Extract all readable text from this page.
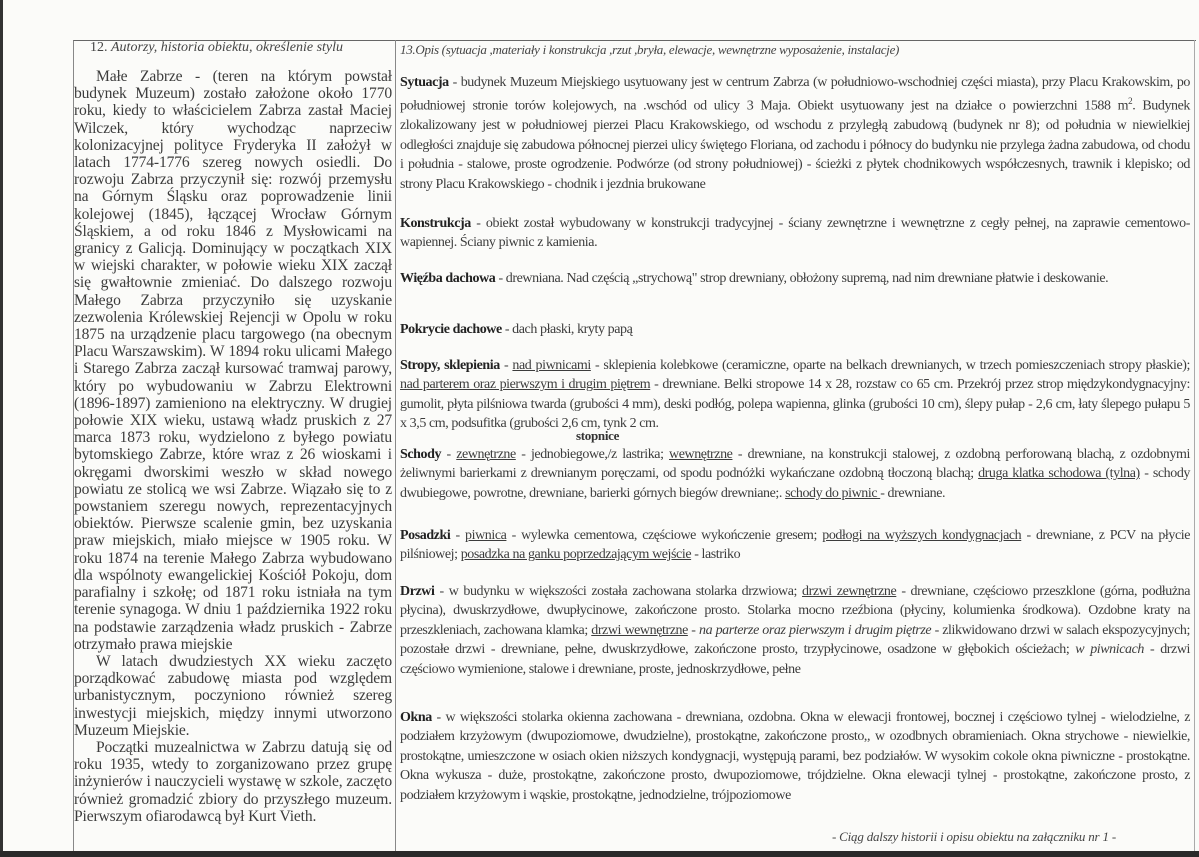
12. Autorzy, historia obiektu, określenie stylu

Małe Zabrze - (teren na którym powstał budynek Muzeum) zostało założone około 1770 roku, kiedy to właścicielem Zabrza zastał Maciej Wilczek, który wychodząc naprzeciw kolonizacyjnej polityce Fryderyka II założył w latach 1774-1776 szereg nowych osiedli. Do rozwoju Zabrza przyczynił się: rozwój przemysłu na Górnym Śląsku oraz poprowadzenie linii kolejowej (1845), łączącej Wrocław Górnym Śląskiem, a od roku 1846 z Mysłowicami na granicy z Galicją. Dominujący w początkach XIX w wiejski charakter, w połowie wieku XIX zaczął się gwałtownie zmieniać. Do dalszego rozwoju Małego Zabrza przyczyniło się uzyskanie zezwolenia Królewskiej Rejencji w Opolu w roku 1875 na urządzenie placu targowego (na obecnym Placu Warszawskim). W 1894 roku ulicami Małego i Starego Zabrza zaczął kursować tramwaj parowy, który po wybudowaniu w Zabrzu Elektrowni (1896-1897) zamieniono na elektryczny. W drugiej połowie XIX wieku, ustawą władz pruskich z 27 marca 1873 roku, wydzielono z byłego powiatu bytomskiego Zabrze, które wraz z 26 wioskami i okręgami dworskimi weszło w skład nowego powiatu ze stolicą we wsi Zabrze. Wiązało się to z powstaniem szeregu nowych, reprezentacyjnych obiektów. Pierwsze scalenie gmin, bez uzyskania praw miejskich, miało miejsce w 1905 roku. W roku 1874 na terenie Małego Zabrza wybudowano dla wspólnoty ewangelickiej Kościół Pokoju, dom parafialny i szkołę; od 1871 roku istniała na tym terenie synagoga. W dniu 1 października 1922 roku na podstawie zarządzenia władz pruskich - Zabrze otrzymało prawa miejskie

W latach dwudziestych XX wieku zaczęto porządkować zabudowę miasta pod względem urbanistycznym, poczyniono również szereg inwestycji miejskich, między innymi utworzono Muzeum Miejskie.

Początki muzealnictwa w Zabrzu datują się od roku 1935, wtedy to zorganizowano przez grupę inżynierów i nauczycieli wystawę w szkole, zaczęto również gromadzić zbiory do przyszłego muzeum. Pierwszym ofiarodawcą był Kurt Vieth.

13.Opis (sytuacja ,materiały i konstrukcja ,rzut ,bryła, elewacje, wewnętrzne wyposażenie, instalacje)
Sytuacja - budynek Muzeum Miejskiego usytuowany jest w centrum Zabrza (w południowo-wschodniej części miasta), przy Placu Krakowskim, po południowej stronie torów kolejowych, na .wschód od ulicy 3 Maja. Obiekt usytuowany jest na działce o powierzchni 1588 $m^2$. Budynek zlokalizowany jest w południowej pierzei Placu Krakowskiego, od wschodu z przyległą zabudową (budynek nr 8); od południa w niewielkiej odległości znajduje się zabudowa północnej pierzei ulicy świętego Floriana, od zachodu i północy do budynku nie przylega żadna zabudowa, od chodu i południa - stalowe, proste ogrodzenie. Podwórze (od strony południowej) - ścieżki z płytek chodnikowych współczesnych, trawnik i klepisko; od strony Placu Krakowskiego - chodnik i jezdnia brukowane
Konstrukcja - obiekt został wybudowany w konstrukcji tradycyjnej - ściany zewnętrzne i wewnętrzne z cegły pełnej, na zaprawie cementowo-wapiennej. Ściany piwnic z kamienia.
Więźba dachowa - drewniana. Nad częścią „strychową" strop drewniany, obłożony supremą, nad nim drewniane płatwie i deskowanie.
Pokrycie dachowe - dach płaski, kryty papą
Stropy, sklepienia - nad piwnicami - sklepienia kolebkowe (ceramiczne, oparte na belkach drewnianych, w trzech pomieszczeniach stropy płaskie); nad parterem oraz pierwszym i drugim piętrem - drewniane. Belki stropowe 14 x 28, rozstaw co 65 cm. Przekrój przez strop międzykondygnacyjny: gumolit, płyta pilśniowa twarda (grubości 4 mm), deski podłóg, polepa wapienna, glinka (grubości 10 cm), ślepy pułap - 2,6 cm, łaty ślepego pułapu 5 x 3,5 cm, podsufitka (grubości 2,6 cm, tynk 2 cm.
Schody - zewnętrzne - jednobiegowe,/z lastrika; wewnętrzne - drewniane, na konstrukcji stalowej, z ozdobną perforowaną blachą, z ozdobnymi żeliwnymi barierkami z drewnianym poręczami, od spodu podnóżki wykańczane ozdobną tłoczoną blachą; druga klatka schodowa (tylna) - schody dwubiegowe, powrotne, drewniane, barierki górnych biegów drewniane;. schody do piwnic - drewniane.
Posadzki - piwnica - wylewka cementowa, częściowe wykończenie gresem; podłogi na wyższych kondygnacjach - drewniane, z PCV na płycie pilśniowej; posadzka na ganku poprzedzającym wejście - lastriko
Drzwi - w budynku w większości została zachowana stolarka drzwiowa; drzwi zewnętrzne - drewniane, częściowo przeszklone (górna, podłużna płycina), dwuskrzydłowe, dwupłycinowe, zakończone prosto. Stolarka mocno rzeźbiona (płyciny, kolumienka środkowa). Ozdobne kraty na przeszkleniach, zachowana klamka; drzwi wewnętrzne - na parterze oraz pierwszym i drugim piętrze - zlikwidowano drzwi w salach ekspozycyjnych; pozostałe drzwi - drewniane, pełne, dwuskrzydłowe, zakończone prosto, trzypłycinowe, osadzone w głębokich ościeżach; w piwnicach - drzwi częściowo wymienione, stalowe i drewniane, proste, jednoskrzydłowe, pełne
Okna - w większości stolarka okienna zachowana - drewniana, ozdobna. Okna w elewacji frontowej, bocznej i częściowo tylnej - wielodzielne, z podziałem krzyżowym (dwupoziomowe, dwudzielne), prostokątne, zakończone prosto,, w ozodbnych obramieniach. Okna strychowe - niewielkie, prostokątne, umieszczone w osiach okien niższych kondygnacji, występują parami, bez podziałów. W wysokim cokole okna piwniczne - prostokątne. Okna wykusza - duże, prostokątne, zakończone prosto, dwupoziomowe, trójdzielne. Okna elewacji tylnej - prostokątne, zakończone prosto, z podziałem krzyżowym i wąskie, prostokątne, jednodzielne, trójpoziomowe
stopnice
- Ciąg dalszy historii i opisu obiektu na załączniku nr 1 -
